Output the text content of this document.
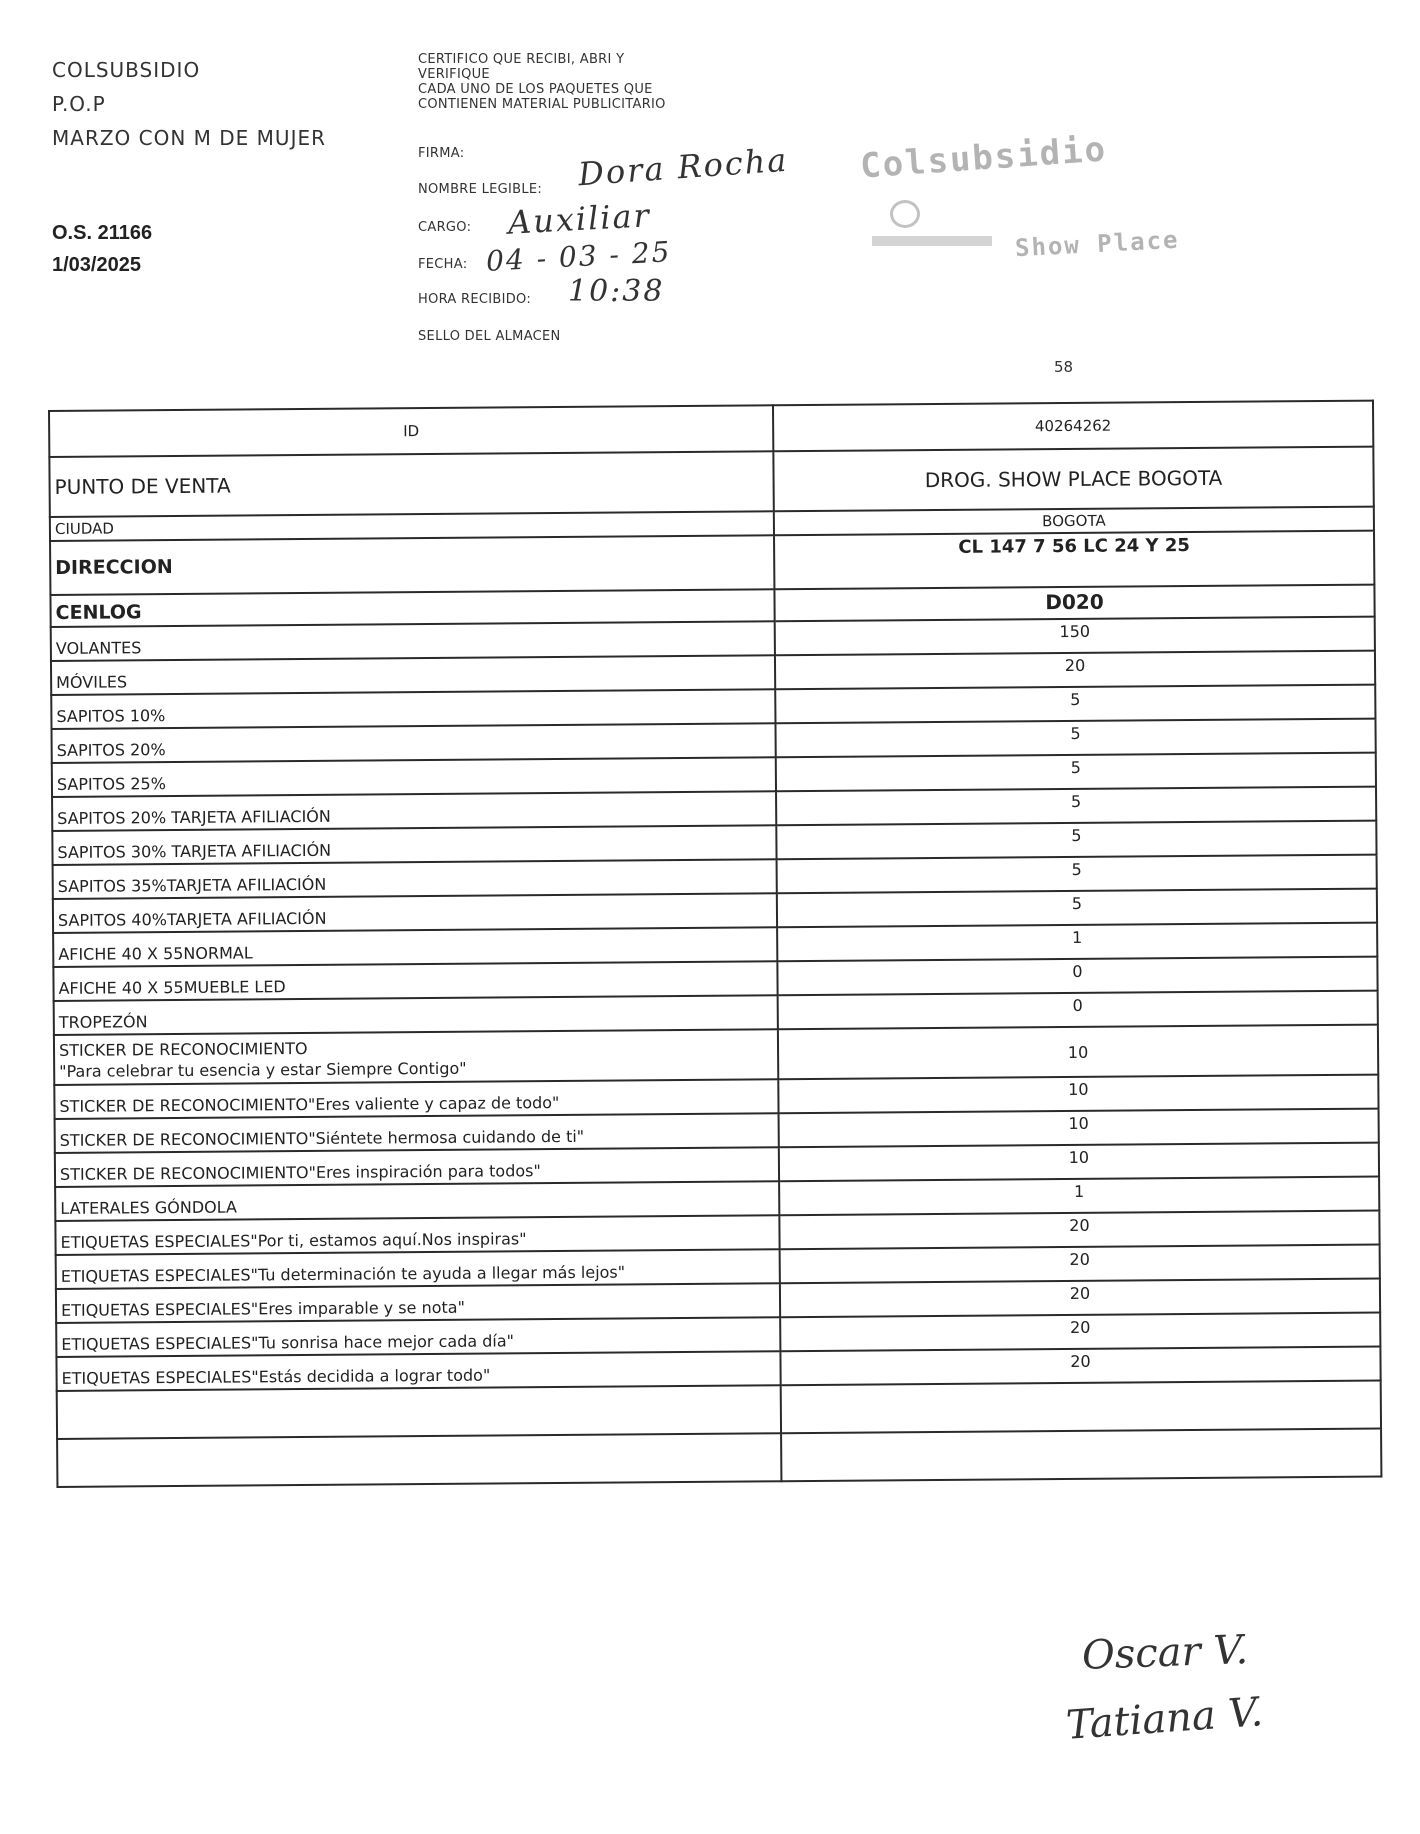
COLSUBSIDIO
P.O.P
MARZO CON M DE MUJER
O.S. 21166
1/03/2025
CERTIFICO QUE RECIBI, ABRI Y
VERIFIQUE
CADA UNO DE LOS PAQUETES QUE
CONTIENEN MATERIAL PUBLICITARIO
FIRMA:
NOMBRE LEGIBLE: Dora Rocha
CARGO: Auxiliar
FECHA: 04 - 03 - 25
HORA RECIBIDO: 10:38
SELLO DEL ALMACEN
Colsubsidio
Show Place
58
ID	40264262
PUNTO DE VENTA	DROG. SHOW PLACE BOGOTA
CIUDAD	BOGOTA
DIRECCION	CL 147 7 56 LC 24 Y 25
CENLOG	D020
VOLANTES	150
MÓVILES	20
SAPITOS 10%	5
SAPITOS 20%	5
SAPITOS 25%	5
SAPITOS 20% TARJETA AFILIACIÓN	5
SAPITOS 30% TARJETA AFILIACIÓN	5
SAPITOS 35%TARJETA AFILIACIÓN	5
SAPITOS 40%TARJETA AFILIACIÓN	5
AFICHE 40 X 55NORMAL	1
AFICHE 40 X 55MUEBLE LED	0
TROPEZÓN	0

STICKER DE RECONOCIMIENTO
"Para celebrar tu esencia y estar Siempre Contigo"	10
STICKER DE RECONOCIMIENTO"Eres valiente y capaz de todo"	10
STICKER DE RECONOCIMIENTO"Siéntete hermosa cuidando de ti"	10
STICKER DE RECONOCIMIENTO"Eres inspiración para todos"	10
LATERALES GÓNDOLA	1
ETIQUETAS ESPECIALES"Por ti, estamos aquí.Nos inspiras"	20
ETIQUETAS ESPECIALES"Tu determinación te ayuda a llegar más lejos"	20
ETIQUETAS ESPECIALES"Eres imparable y se nota"	20
ETIQUETAS ESPECIALES"Tu sonrisa hace mejor cada día"	20
ETIQUETAS ESPECIALES"Estás decidida a lograr todo"	20

Oscar V.
Tatiana V.
